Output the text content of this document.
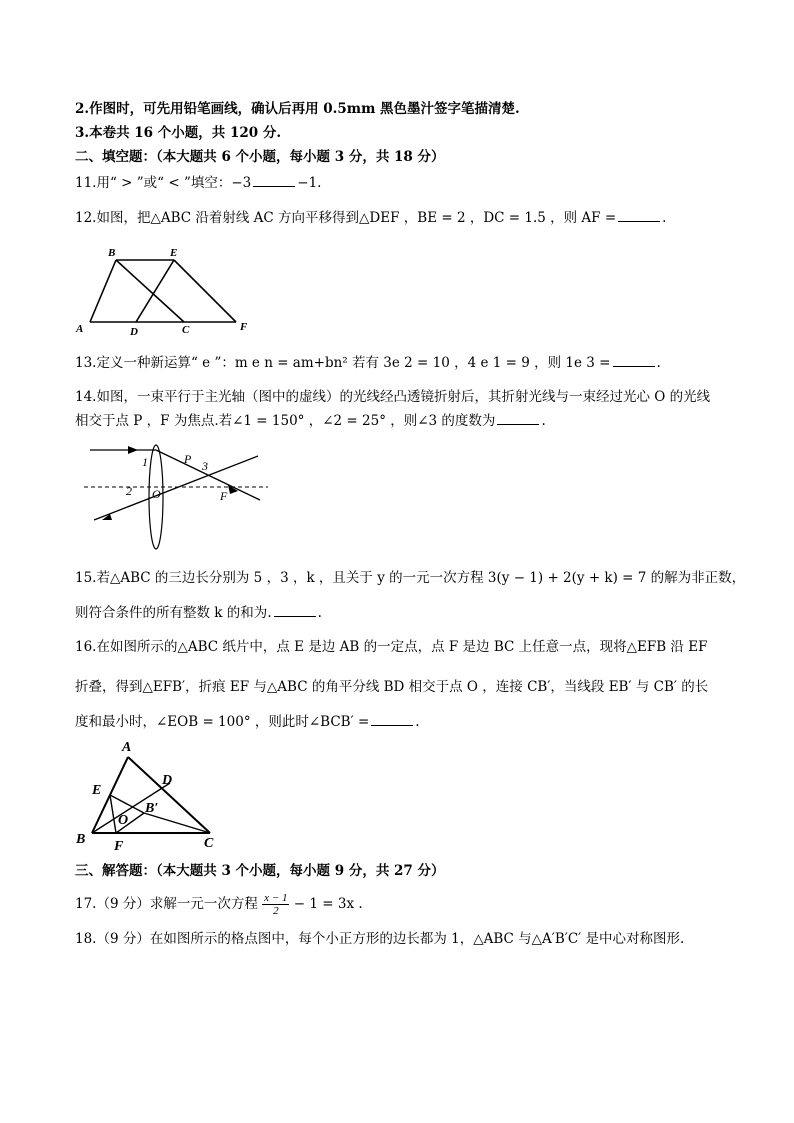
2.作图时，可先用铅笔画线，确认后再用 0.5mm 黑色墨汁签字笔描清楚.
3.本卷共 16 个小题，共 120 分.
二、填空题：（本大题共 6 个小题，每小题 3 分，共 18 分）
11.用“ > ”或“ < ”填空：−3	−1.
12.如图，把△ABC 沿着射线 AC 方向平移得到△DEF ，BE = 2 ，DC = 1.5 ，则 AF =	.
B	E
A	D	C	F
13.定义一种新运算“ e ”：m e n = am+bn² 若有 3e 2 = 10 ，4 e 1 = 9 ，则 1e 3 =	.
14.如图，一束平行于主光轴（图中的虚线）的光线经凸透镜折射后，其折射光线与一束经过光心 O 的光线
相交于点 P ，F 为焦点.若∠1 = 150° ，∠2 = 25° ，则∠3 的度数为	.
1
2
3
P
O	F
15.若△ABC 的三边长分别为 5 ，3 ，k ，且关于 y 的一元一次方程 3(y − 1) + 2(y + k) = 7 的解为非正数，
则符合条件的所有整数 k 的和为.	.
16.在如图所示的△ABC 纸片中，点 E 是边 AB 的一定点，点 F 是边 BC 上任意一点，现将△EFB 沿 EF
折叠，得到△EFB′，折痕 EF 与△ABC 的角平分线 BD 相交于点 O ，连接 CB′，当线段 EB′ 与 CB′ 的长
度和最小时，∠EOB = 100° ，则此时∠BCB′ =	.
A
D
E
B′
O
B F	C
三、解答题：（本大题共 3 个小题，每小题 9 分，共 27 分）
17.（9 分）求解一元一次方程 $\frac{x - 1}{2} - 1 = 3x$ .
18.（9 分）在如图所示的格点图中，每个小正方形的边长都为 1，△ABC 与△A′B′C′ 是中心对称图形.
